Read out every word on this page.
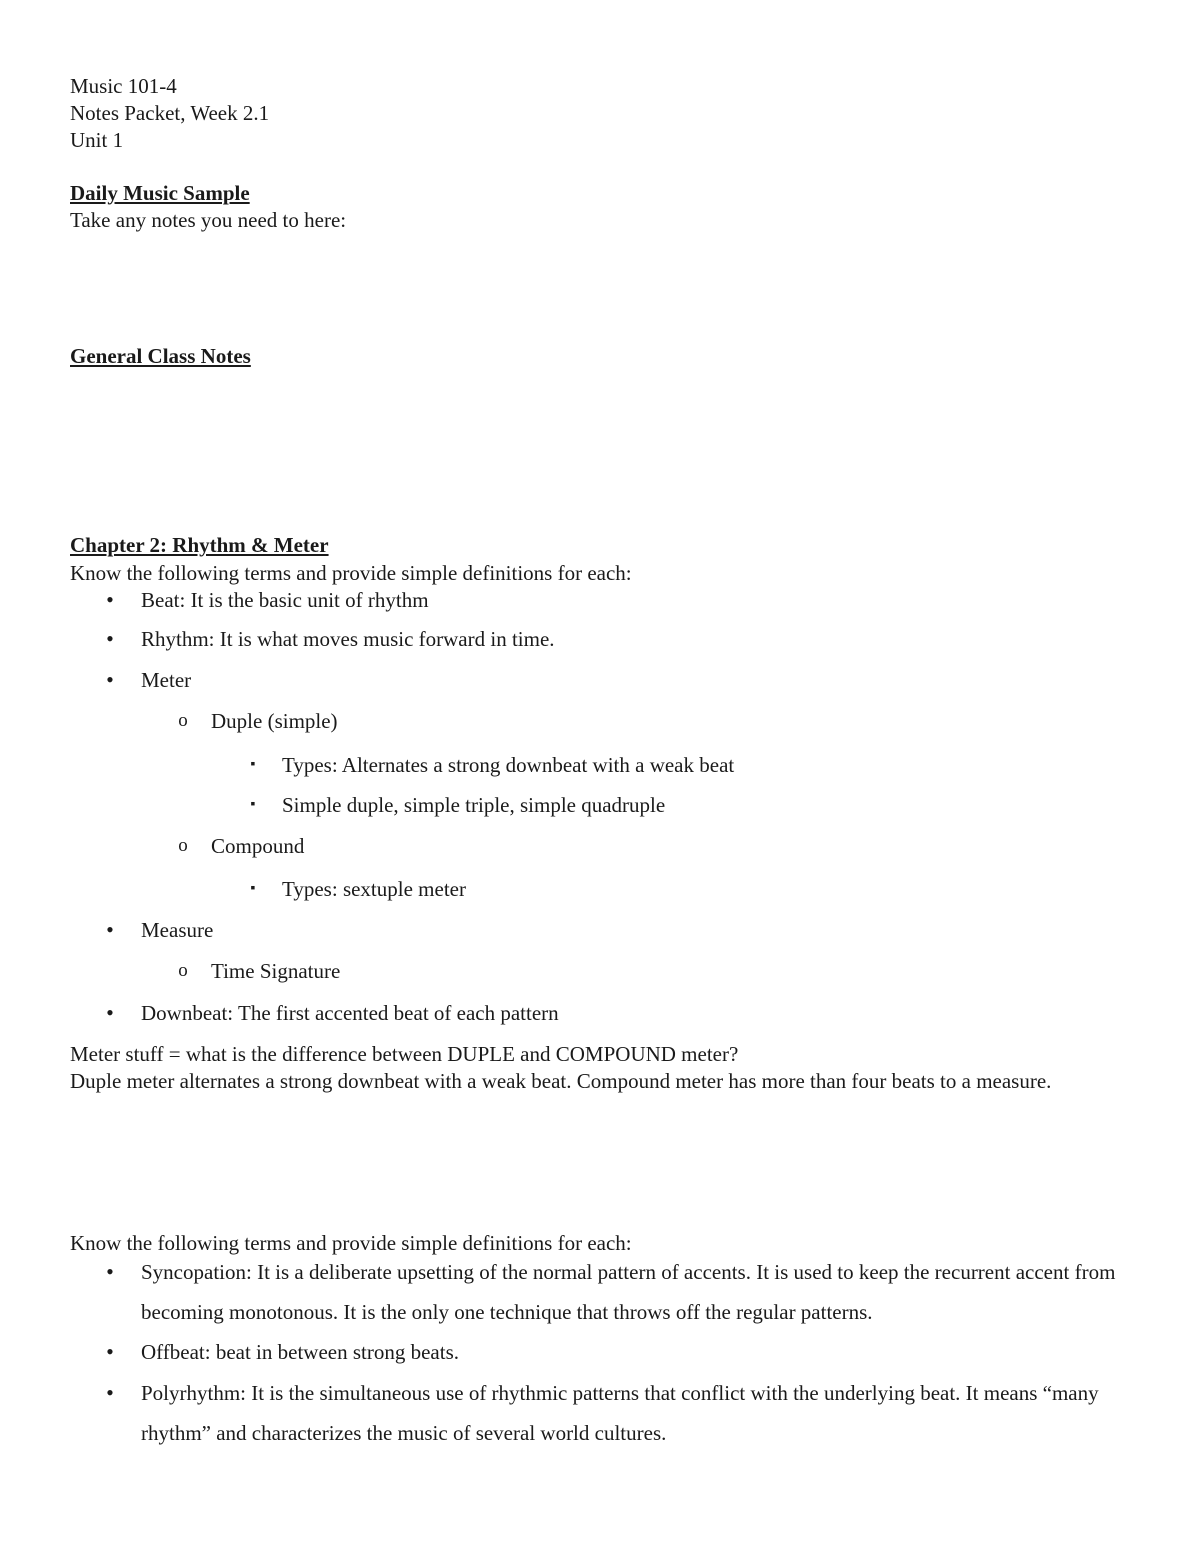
Music 101-4
Notes Packet, Week 2.1
Unit 1
Daily Music Sample
Take any notes you need to here:
General Class Notes
Chapter 2: Rhythm & Meter
Know the following terms and provide simple definitions for each:
• Beat: It is the basic unit of rhythm
• Rhythm: It is what moves music forward in time.
• Meter
o Duple (simple)
▪ Types: Alternates a strong downbeat with a weak beat
▪ Simple duple, simple triple, simple quadruple
o Compound
▪ Types: sextuple meter
• Measure
o Time Signature
• Downbeat: The first accented beat of each pattern
Meter stuff = what is the difference between DUPLE and COMPOUND meter?
Duple meter alternates a strong downbeat with a weak beat. Compound meter has more than four beats to a measure.
Know the following terms and provide simple definitions for each:
• Syncopation: It is a deliberate upsetting of the normal pattern of accents. It is used to keep the recurrent accent from becoming monotonous. It is the only one technique that throws off the regular patterns.
• Offbeat: beat in between strong beats.
• Polyrhythm: It is the simultaneous use of rhythmic patterns that conflict with the underlying beat. It means “many rhythm” and characterizes the music of several world cultures.
